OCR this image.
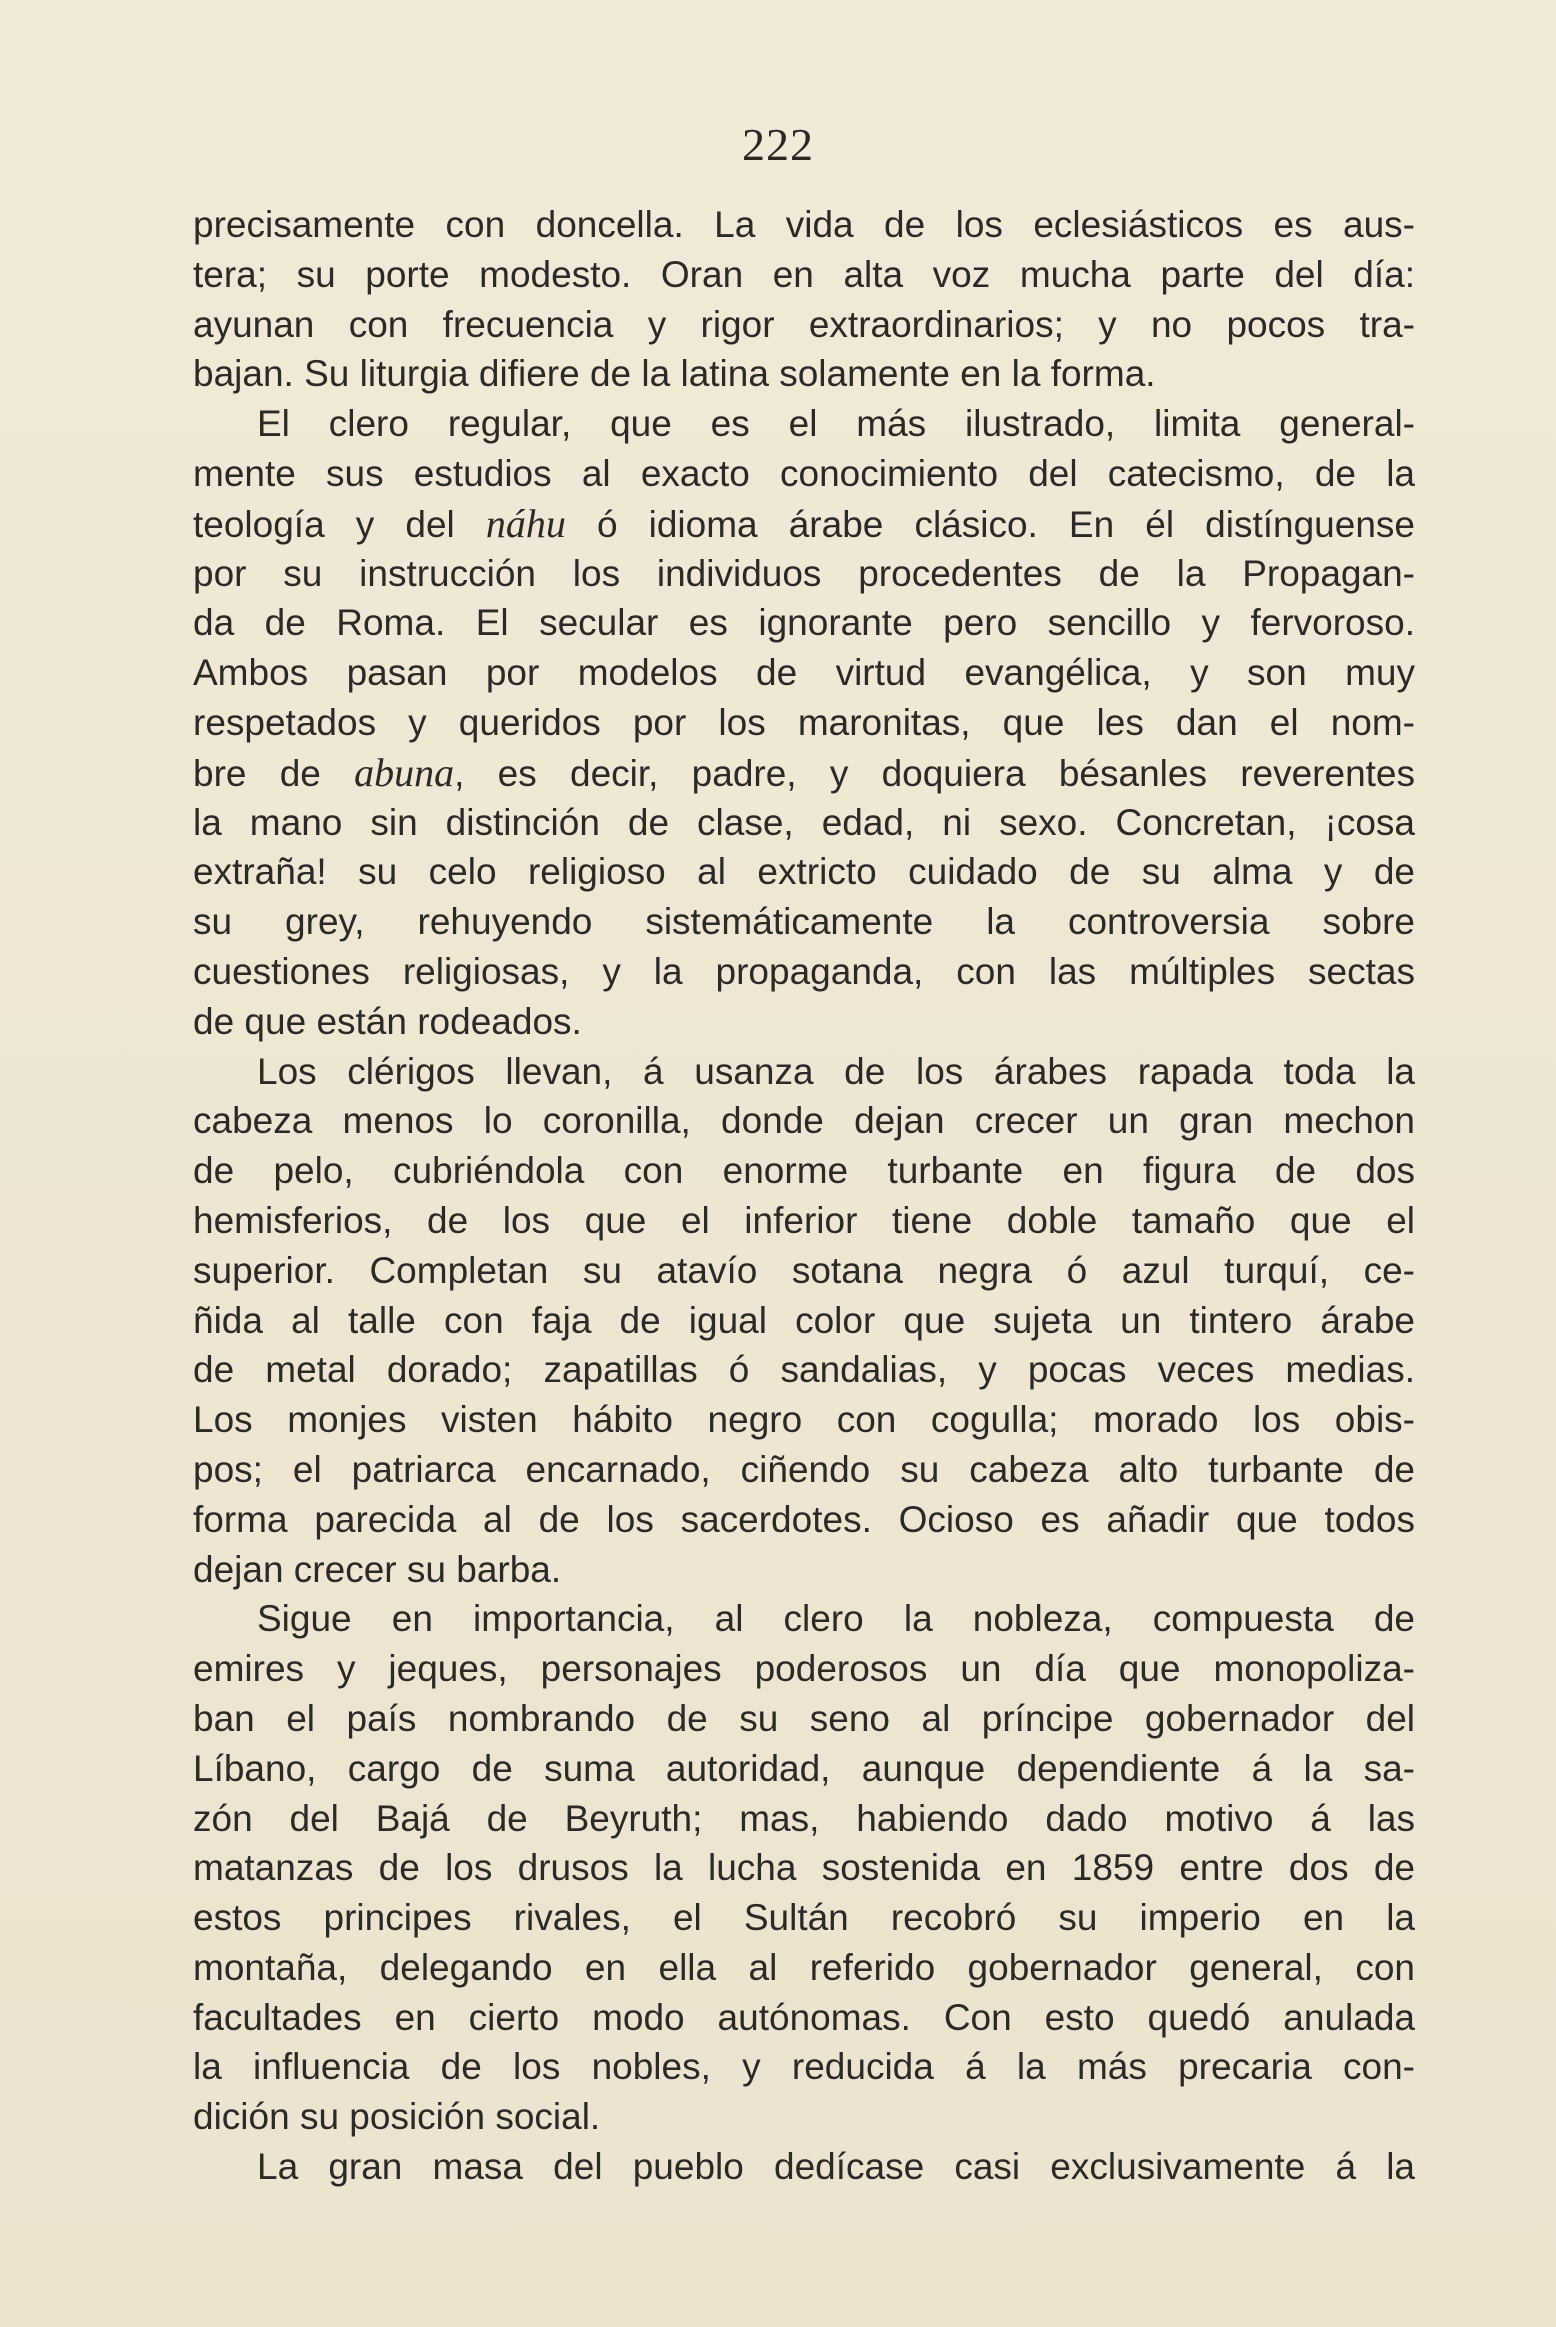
222
precisamente con doncella. La vida de los eclesiásticos es aus-
tera; su porte modesto. Oran en alta voz mucha parte del día:
ayunan con frecuencia y rigor extraordinarios; y no pocos tra-
bajan. Su liturgia difiere de la latina solamente en la forma.
El clero regular, que es el más ilustrado, limita general-
mente sus estudios al exacto conocimiento del catecismo, de la
teología y del náhu ó idioma árabe clásico. En él distínguense
por su instrucción los individuos procedentes de la Propagan-
da de Roma. El secular es ignorante pero sencillo y fervoroso.
Ambos pasan por modelos de virtud evangélica, y son muy
respetados y queridos por los maronitas, que les dan el nom-
bre de abuna, es decir, padre, y doquiera bésanles reverentes
la mano sin distinción de clase, edad, ni sexo. Concretan, ¡cosa
extraña! su celo religioso al extricto cuidado de su alma y de
su grey, rehuyendo sistemáticamente la controversia sobre
cuestiones religiosas, y la propaganda, con las múltiples sectas
de que están rodeados.
Los clérigos llevan, á usanza de los árabes rapada toda la
cabeza menos lo coronilla, donde dejan crecer un gran mechon
de pelo, cubriéndola con enorme turbante en figura de dos
hemisferios, de los que el inferior tiene doble tamaño que el
superior. Completan su atavío sotana negra ó azul turquí, ce-
ñida al talle con faja de igual color que sujeta un tintero árabe
de metal dorado; zapatillas ó sandalias, y pocas veces medias.
Los monjes visten hábito negro con cogulla; morado los obis-
pos; el patriarca encarnado, ciñendo su cabeza alto turbante de
forma parecida al de los sacerdotes. Ocioso es añadir que todos
dejan crecer su barba.
Sigue en importancia, al clero la nobleza, compuesta de
emires y jeques, personajes poderosos un día que monopoliza-
ban el país nombrando de su seno al príncipe gobernador del
Líbano, cargo de suma autoridad, aunque dependiente á la sa-
zón del Bajá de Beyruth; mas, habiendo dado motivo á las
matanzas de los drusos la lucha sostenida en 1859 entre dos de
estos principes rivales, el Sultán recobró su imperio en la
montaña, delegando en ella al referido gobernador general, con
facultades en cierto modo autónomas. Con esto quedó anulada
la influencia de los nobles, y reducida á la más precaria con-
dición su posición social.
La gran masa del pueblo dedícase casi exclusivamente á la
